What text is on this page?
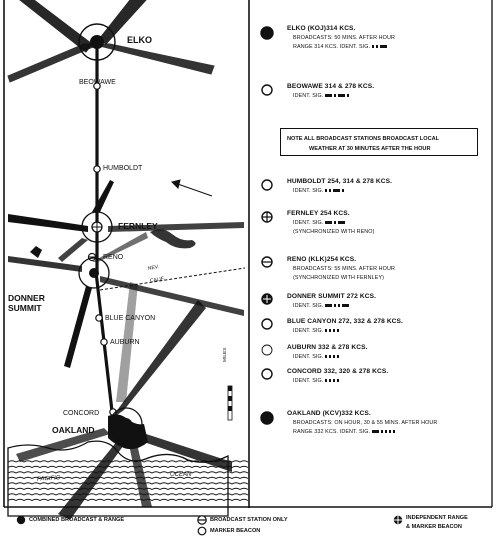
ELKO
BEOWAWE
HUMBOLDT
FERNLEY
RENO
DONNER
SUMMIT
BLUE CANYON
AUBURN
CONCORD
OAKLAND
NEV.
CALIF.
PACIFIC
OCEAN
MILES
ELKO (KOJ)314 KCS.
BROADCASTS: 50 MINS. AFTER HOUR
RANGE 314 KCS. IDENT. SIG.
BEOWAWE 314 & 278 KCS.
IDENT. SIG.
HUMBOLDT 254, 314 & 278 KCS.
IDENT. SIG.
FERNLEY 254 KCS.
IDENT. SIG.
(SYNCHRONIZED WITH RENO)
RENO (KLK)254 KCS.
BROADCASTS: 55 MINS. AFTER HOUR
(SYNCHRONIZED WITH FERNLEY)
DONNER SUMMIT 272 KCS.
IDENT. SIG.
BLUE CANYON 272, 332 & 278 KCS.
IDENT. SIG.
AUBURN 332 & 278 KCS.
IDENT. SIG.
CONCORD 332, 320 & 278 KCS.
IDENT. SIG.
OAKLAND (KCV)332 KCS.
BROADCASTS: ON HOUR, 30 & 55 MINS. AFTER HOUR
RANGE 332 KCS. IDENT. SIG.
NOTE ALL BROADCAST STATIONS BROADCAST LOCAL
WEATHER AT 30 MINUTES AFTER THE HOUR
COMBINED BROADCAST & RANGE	BROADCAST STATION ONLY
MARKER BEACON
INDEPENDENT RANGE
& MARKER BEACON
